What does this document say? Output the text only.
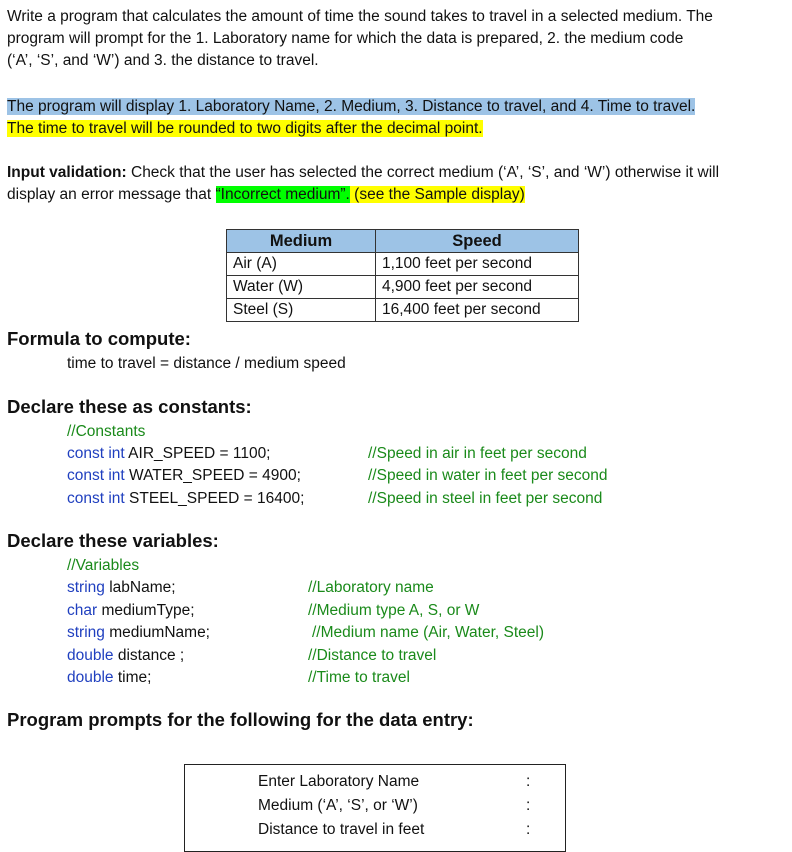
Write a program that calculates the amount of time the sound takes to travel in a selected medium. The
program will prompt for the 1. Laboratory name for which the data is prepared, 2. the medium code
(‘A’, ‘S’, and ‘W’) and 3. the distance to travel.
The program will display 1. Laboratory Name, 2. Medium, 3. Distance to travel, and 4. Time to travel.
The time to travel will be rounded to two digits after the decimal point.
Input validation: Check that the user has selected the correct medium (‘A’, ‘S’, and ‘W’) otherwise it will
display an error message that “Incorrect medium”. (see the Sample display)
Medium	Speed
Air (A)	1,100 feet per second
Water (W)	4,900 feet per second
Steel (S)	16,400 feet per second
Formula to compute:
time to travel = distance / medium speed
Declare these as constants:
//Constants
const int AIR_SPEED = 1100;	//Speed in air in feet per second
const int WATER_SPEED = 4900;	//Speed in water in feet per second
const int STEEL_SPEED = 16400;	//Speed in steel in feet per second
Declare these variables:
//Variables
string labName;	//Laboratory name
char mediumType;	//Medium type A, S, or W
string mediumName;	//Medium name (Air, Water, Steel)
double distance ;	//Distance to travel
double time;	//Time to travel
Program prompts for the following for the data entry:
Enter Laboratory Name	:
Medium (‘A’, ‘S’, or ‘W’)	:
Distance to travel in feet	:
